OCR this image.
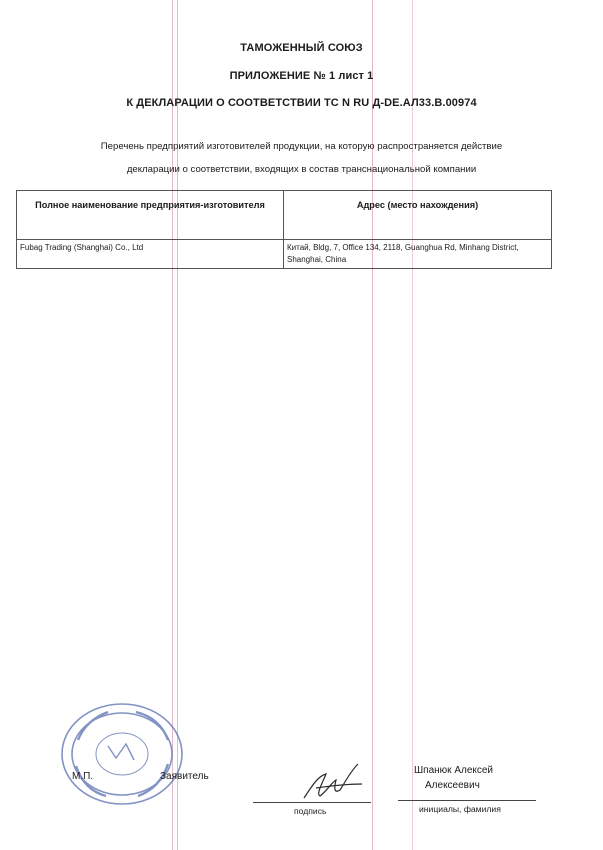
ТАМОЖЕННЫЙ СОЮЗ
ПРИЛОЖЕНИЕ № 1 лист 1
К ДЕКЛАРАЦИИ О СООТВЕТСТВИИ ТС N RU Д-DE.АЛ33.В.00974
Перечень предприятий изготовителей продукции, на которую распространяется действие
декларации о соответствии, входящих в состав транснациональной компании
Полное наименование предприятия-изготовителя	Адрес (место нахождения)
Fubag Trading (Shanghai) Co., Ltd	Китай, Bldg, 7, Office 134, 2118, Guanghua Rd, Minhang District, Shanghai, China
М.П.	Заявитель
подпись
Шпанюк Алексей
Алексеевич
инициалы, фамилия
